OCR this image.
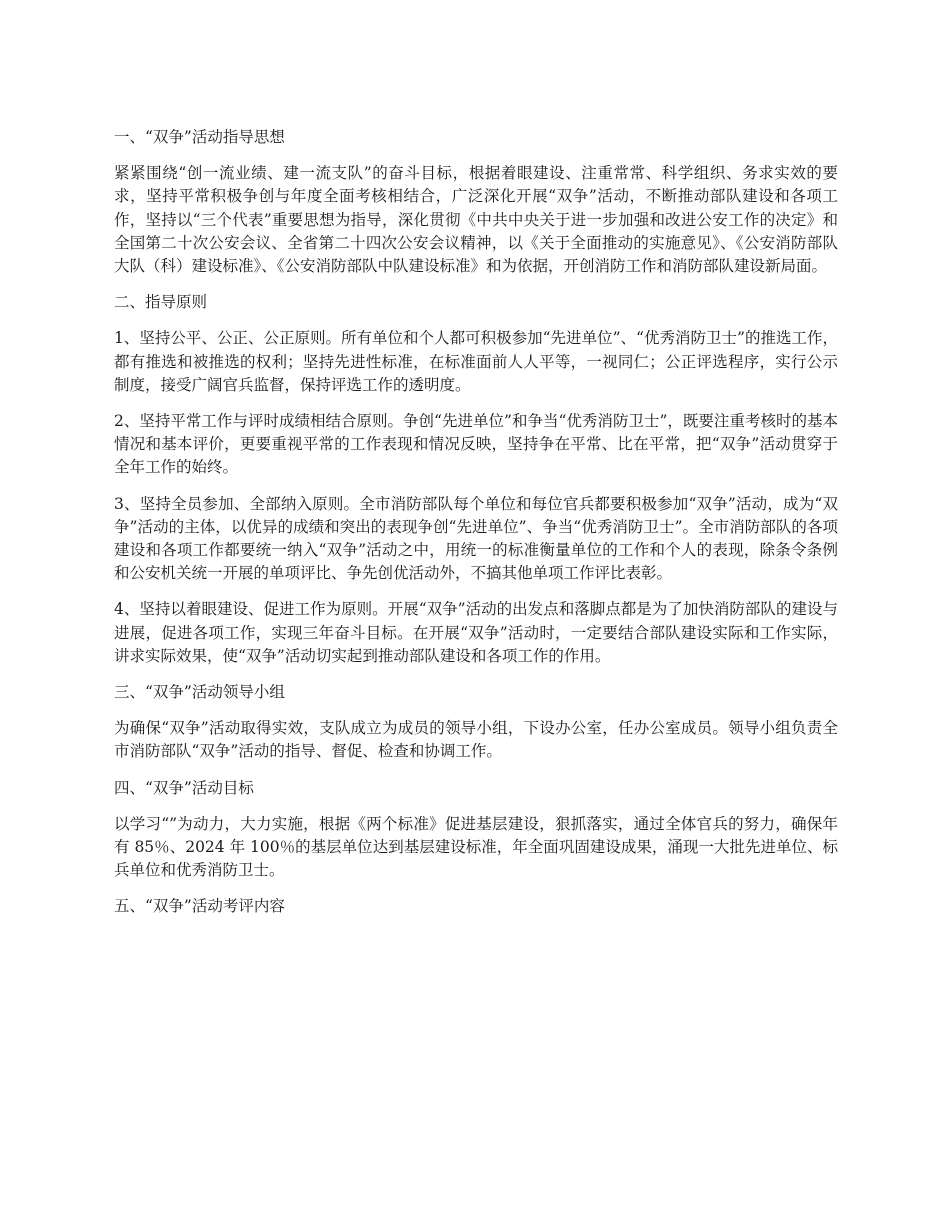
一、“双争”活动指导思想

紧紧围绕“创一流业绩、建一流支队”的奋斗目标，根据着眼建设、注重常常、科学组织、务求实效的要求，坚持平常积极争创与年度全面考核相结合，广泛深化开展“双争”活动，不断推动部队建设和各项工作，坚持以“三个代表”重要思想为指导，深化贯彻《中共中央关于进一步加强和改进公安工作的决定》和全国第二十次公安会议、全省第二十四次公安会议精神，以《关于全面推动的实施意见》、《公安消防部队大队（科）建设标准》、《公安消防部队中队建设标准》和为依据，开创消防工作和消防部队建设新局面。

二、指导原则

1、坚持公平、公正、公正原则。所有单位和个人都可积极参加“先进单位”、“优秀消防卫士”的推选工作，都有推选和被推选的权利；坚持先进性标准，在标准面前人人平等，一视同仁；公正评选程序，实行公示制度，接受广阔官兵监督，保持评选工作的透明度。

2、坚持平常工作与评时成绩相结合原则。争创“先进单位”和争当“优秀消防卫士”，既要注重考核时的基本情况和基本评价，更要重视平常的工作表现和情况反映，坚持争在平常、比在平常，把“双争”活动贯穿于全年工作的始终。

3、坚持全员参加、全部纳入原则。全市消防部队每个单位和每位官兵都要积极参加“双争”活动，成为“双争”活动的主体，以优异的成绩和突出的表现争创“先进单位”、争当“优秀消防卫士”。全市消防部队的各项建设和各项工作都要统一纳入“双争”活动之中，用统一的标准衡量单位的工作和个人的表现，除条令条例和公安机关统一开展的单项评比、争先创优活动外，不搞其他单项工作评比表彰。

4、坚持以着眼建设、促进工作为原则。开展“双争”活动的出发点和落脚点都是为了加快消防部队的建设与进展，促进各项工作，实现三年奋斗目标。在开展“双争”活动时，一定要结合部队建设实际和工作实际，讲求实际效果，使“双争”活动切实起到推动部队建设和各项工作的作用。

三、“双争”活动领导小组

为确保“双争”活动取得实效，支队成立为成员的领导小组，下设办公室，任办公室成员。领导小组负责全市消防部队“双争”活动的指导、督促、检查和协调工作。

四、“双争”活动目标

以学习“”为动力，大力实施，根据《两个标准》促进基层建设，狠抓落实，通过全体官兵的努力，确保年有 85％、2024 年 100％的基层单位达到基层建设标准，年全面巩固建设成果，涌现一大批先进单位、标兵单位和优秀消防卫士。

五、“双争”活动考评内容
